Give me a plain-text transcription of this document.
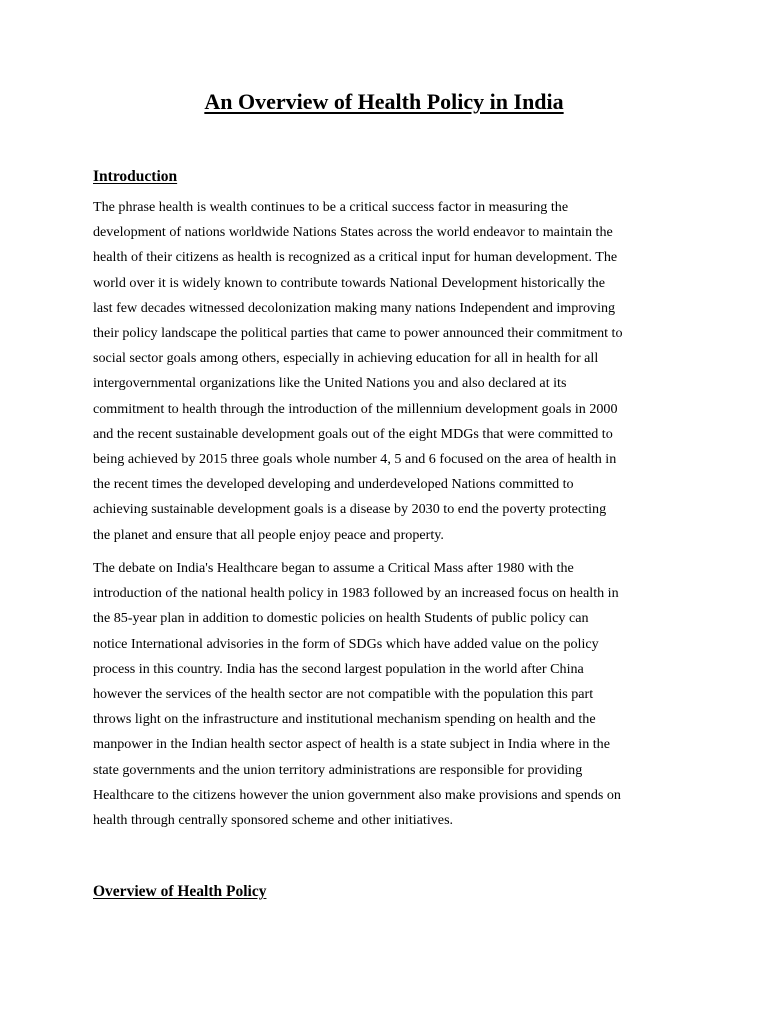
An Overview of Health Policy in India
Introduction

The phrase health is wealth continues to be a critical success factor in measuring the
development of nations worldwide Nations States across the world endeavor to maintain the
health of their citizens as health is recognized as a critical input for human development. The
world over it is widely known to contribute towards National Development historically the
last few decades witnessed decolonization making many nations Independent and improving
their policy landscape the political parties that came to power announced their commitment to
social sector goals among others, especially in achieving education for all in health for all
intergovernmental organizations like the United Nations you and also declared at its
commitment to health through the introduction of the millennium development goals in 2000
and the recent sustainable development goals out of the eight MDGs that were committed to
being achieved by 2015 three goals whole number 4, 5 and 6 focused on the area of health in
the recent times the developed developing and underdeveloped Nations committed to
achieving sustainable development goals is a disease by 2030 to end the poverty protecting
the planet and ensure that all people enjoy peace and property.

The debate on India's Healthcare began to assume a Critical Mass after 1980 with the
introduction of the national health policy in 1983 followed by an increased focus on health in
the 85-year plan in addition to domestic policies on health Students of public policy can
notice International advisories in the form of SDGs which have added value on the policy
process in this country. India has the second largest population in the world after China
however the services of the health sector are not compatible with the population this part
throws light on the infrastructure and institutional mechanism spending on health and the
manpower in the Indian health sector aspect of health is a state subject in India where in the
state governments and the union territory administrations are responsible for providing
Healthcare to the citizens however the union government also make provisions and spends on
health through centrally sponsored scheme and other initiatives.

Overview of Health Policy
